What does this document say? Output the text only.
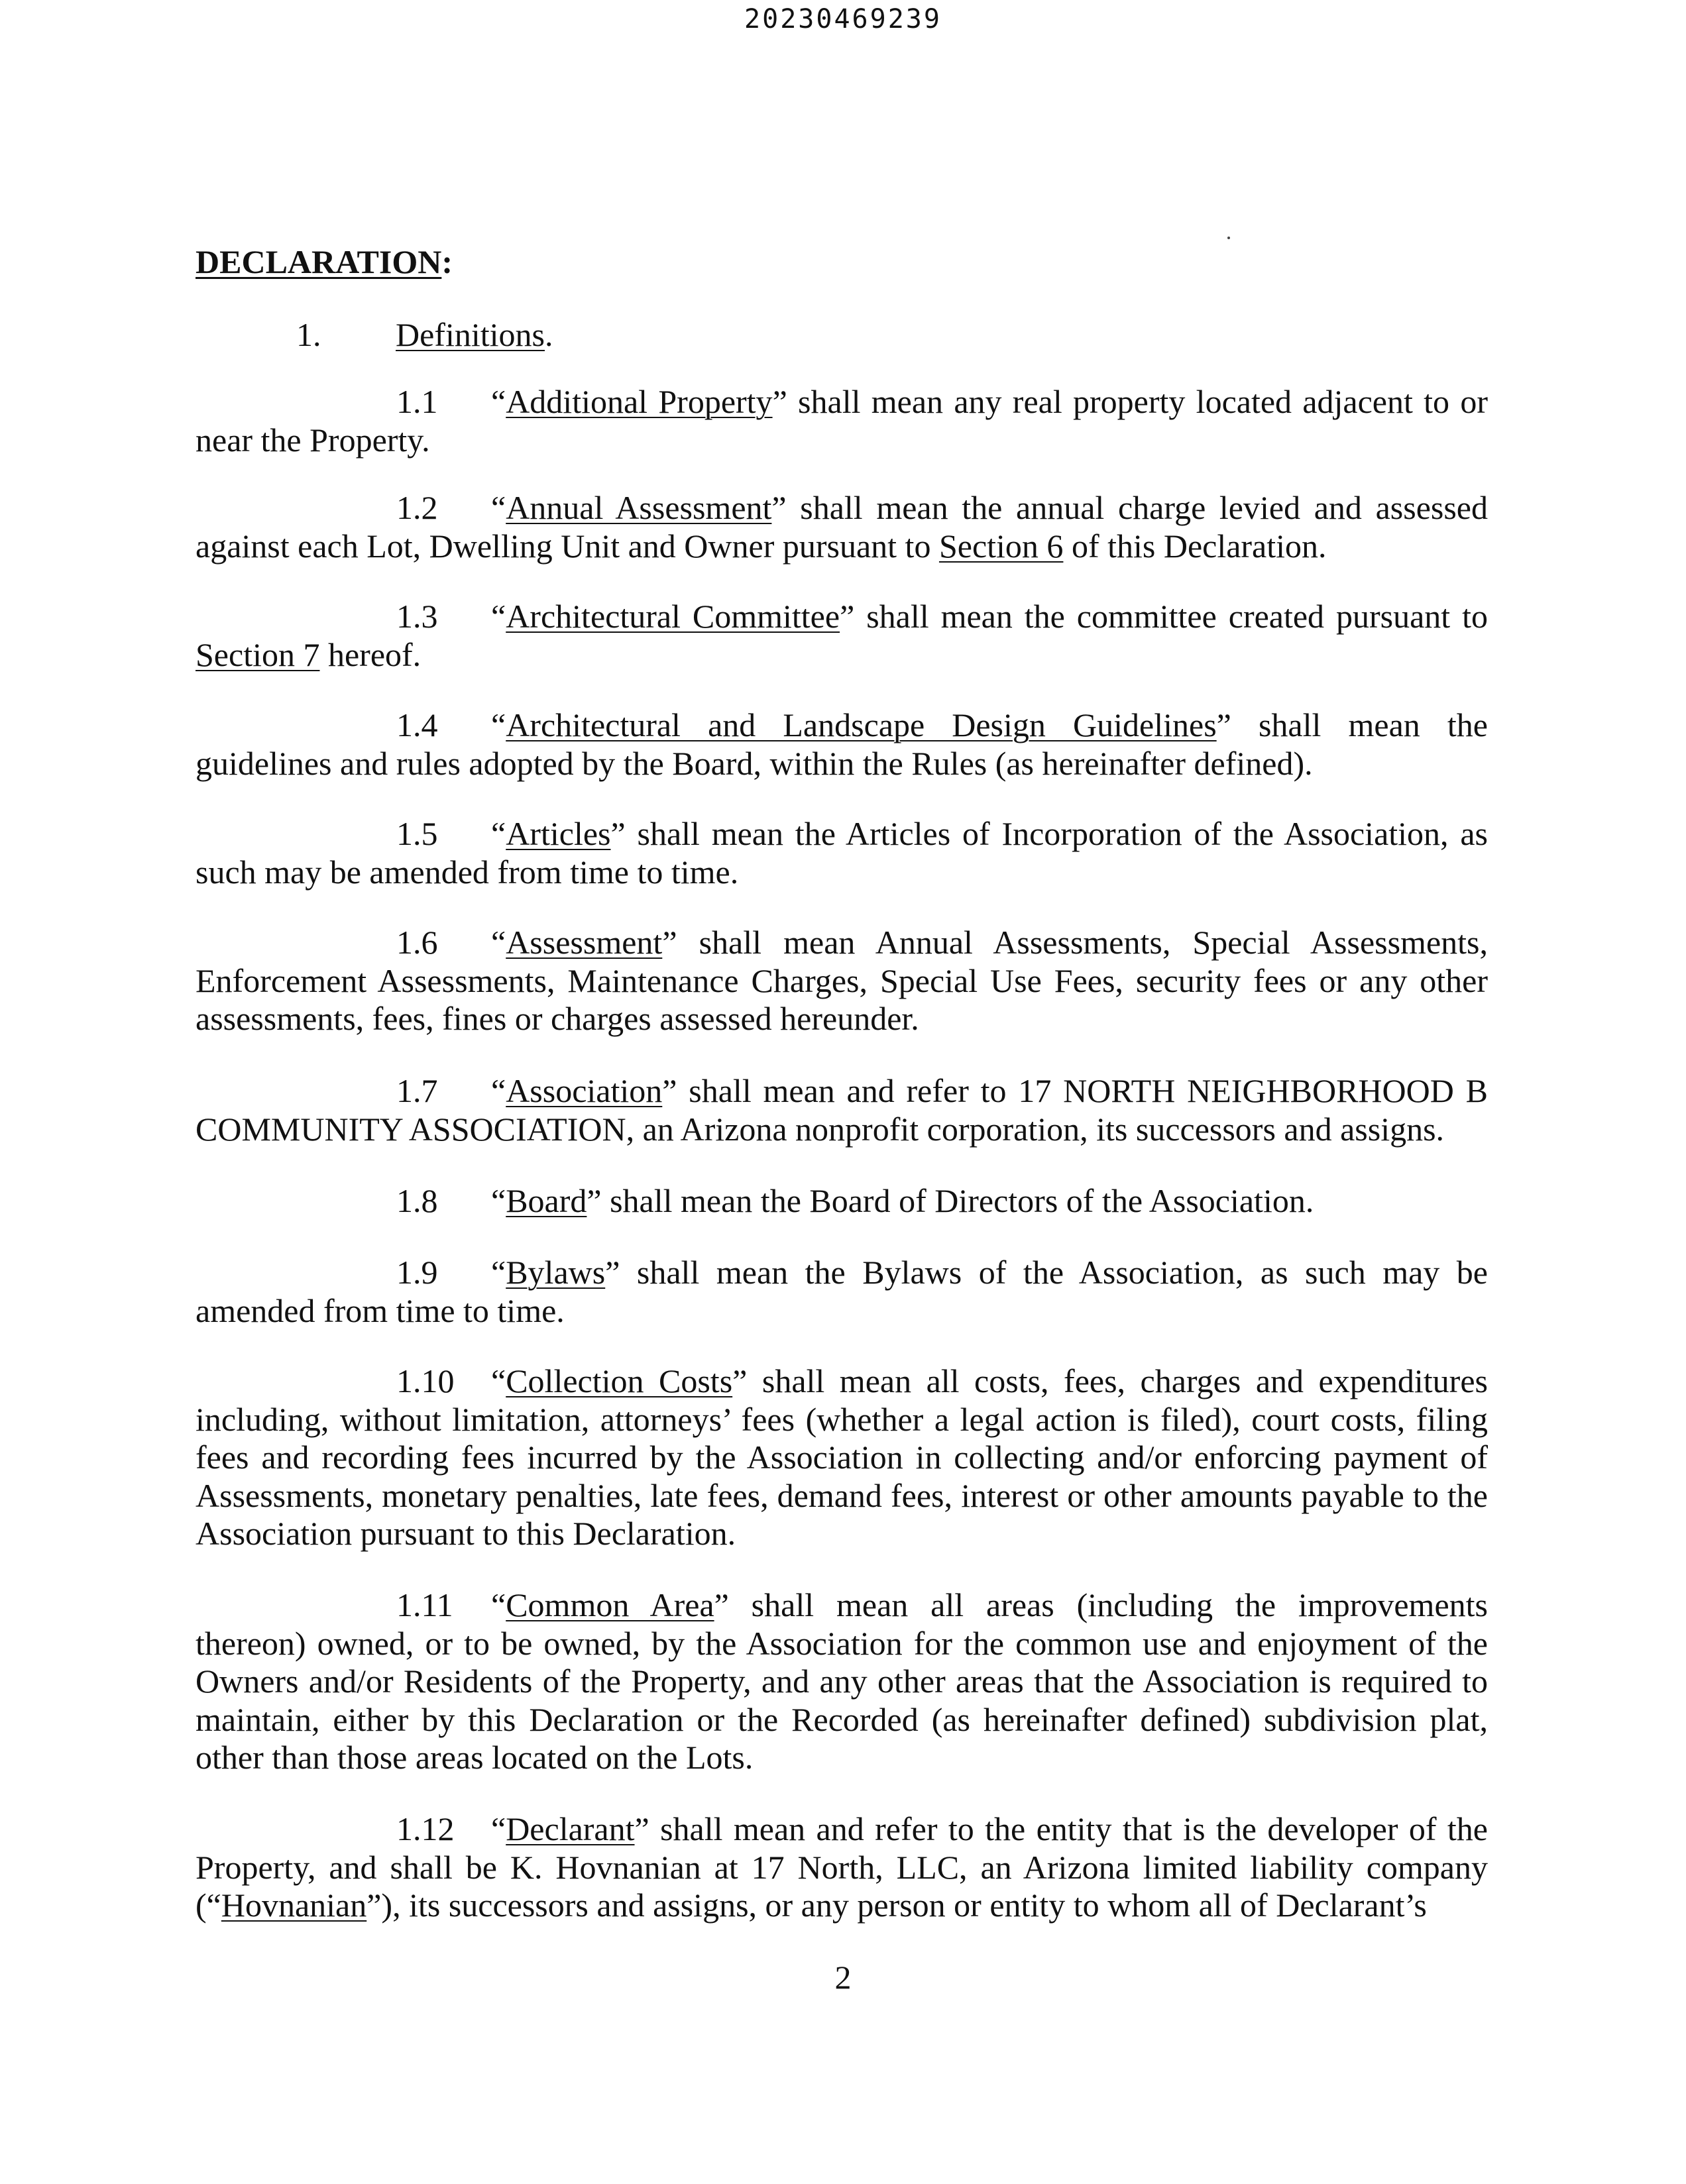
20230469239
DECLARATION:
1. Definitions.
1.1 “Additional Property” shall mean any real property located adjacent to or near the Property.
1.2 “Annual Assessment” shall mean the annual charge levied and assessed against each Lot, Dwelling Unit and Owner pursuant to Section 6 of this Declaration.
1.3 “Architectural Committee” shall mean the committee created pursuant to Section 7 hereof.
1.4 “Architectural and Landscape Design Guidelines” shall mean the guidelines and rules adopted by the Board, within the Rules (as hereinafter defined).
1.5 “Articles” shall mean the Articles of Incorporation of the Association, as such may be amended from time to time.
1.6 “Assessment” shall mean Annual Assessments, Special Assessments, Enforcement Assessments, Maintenance Charges, Special Use Fees, security fees or any other assessments, fees, fines or charges assessed hereunder.
1.7 “Association” shall mean and refer to 17 NORTH NEIGHBORHOOD B COMMUNITY ASSOCIATION, an Arizona nonprofit corporation, its successors and assigns.
1.8 “Board” shall mean the Board of Directors of the Association.
1.9 “Bylaws” shall mean the Bylaws of the Association, as such may be amended from time to time.
1.10 “Collection Costs” shall mean all costs, fees, charges and expenditures including, without limitation, attorneys’ fees (whether a legal action is filed), court costs, filing fees and recording fees incurred by the Association in collecting and/or enforcing payment of Assessments, monetary penalties, late fees, demand fees, interest or other amounts payable to the Association pursuant to this Declaration.
1.11 “Common Area” shall mean all areas (including the improvements thereon) owned, or to be owned, by the Association for the common use and enjoyment of the Owners and/or Residents of the Property, and any other areas that the Association is required to maintain, either by this Declaration or the Recorded (as hereinafter defined) subdivision plat, other than those areas located on the Lots.
1.12 “Declarant” shall mean and refer to the entity that is the developer of the Property, and shall be K. Hovnanian at 17 North, LLC, an Arizona limited liability company (“Hovnanian”), its successors and assigns, or any person or entity to whom all of Declarant’s
2
